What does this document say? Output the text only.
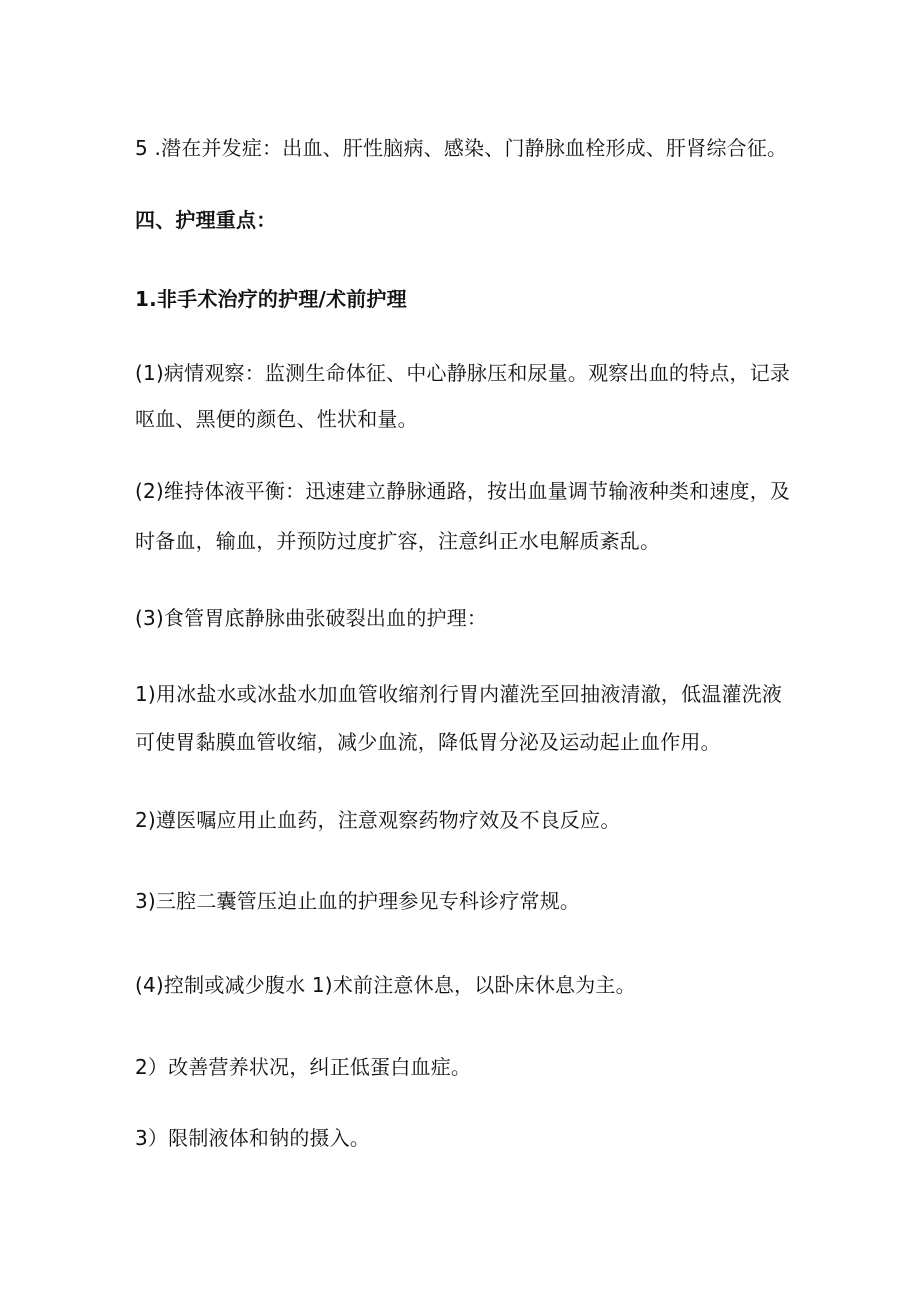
5 .潜在并发症：出血、肝性脑病、感染、门静脉血栓形成、肝肾综合征。
四、护理重点：
1.非手术治疗的护理/术前护理
(1)病情观察：监测生命体征、中心静脉压和尿量。观察出血的特点，记录
呕血、黑便的颜色、性状和量。
(2)维持体液平衡：迅速建立静脉通路，按出血量调节输液种类和速度，及
时备血，输血，并预防过度扩容，注意纠正水电解质紊乱。
(3)食管胃底静脉曲张破裂出血的护理：
1)用冰盐水或冰盐水加血管收缩剂行胃内灌洗至回抽液清澈，低温灌洗液
可使胃黏膜血管收缩，减少血流，降低胃分泌及运动起止血作用。
2)遵医嘱应用止血药，注意观察药物疗效及不良反应。
3)三腔二囊管压迫止血的护理参见专科诊疗常规。
(4)控制或减少腹水 1)术前注意休息，以卧床休息为主。
2）改善营养状况，纠正低蛋白血症。
3）限制液体和钠的摄入。
